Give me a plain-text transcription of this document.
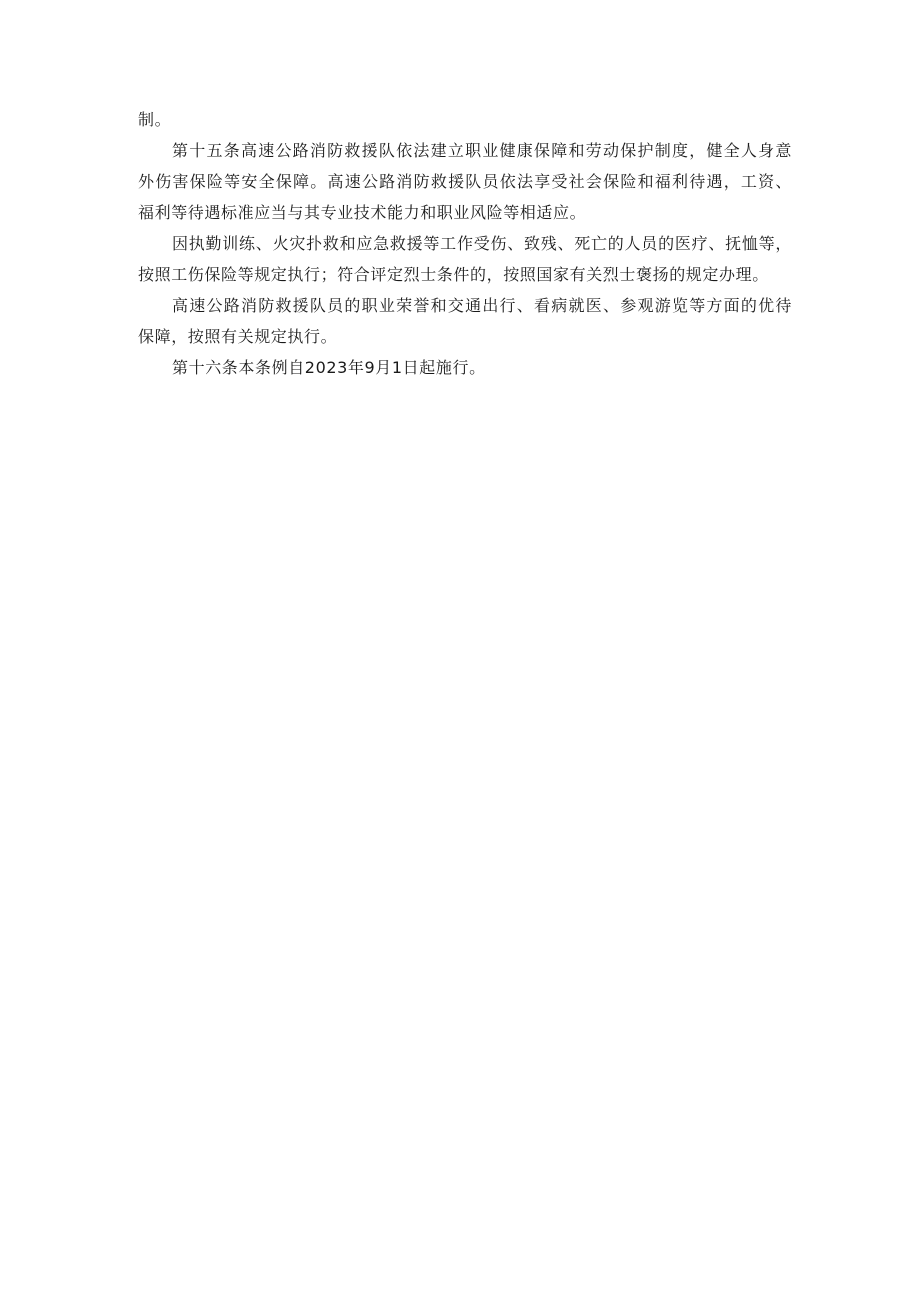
制。
第十五条高速公路消防救援队依法建立职业健康保障和劳动保护制度，健全人身意
外伤害保险等安全保障。高速公路消防救援队员依法享受社会保险和福利待遇，工资、
福利等待遇标准应当与其专业技术能力和职业风险等相适应。
因执勤训练、火灾扑救和应急救援等工作受伤、致残、死亡的人员的医疗、抚恤等，
按照工伤保险等规定执行；符合评定烈士条件的，按照国家有关烈士褒扬的规定办理。
高速公路消防救援队员的职业荣誉和交通出行、看病就医、参观游览等方面的优待
保障，按照有关规定执行。
第十六条本条例自2023年9月1日起施行。
